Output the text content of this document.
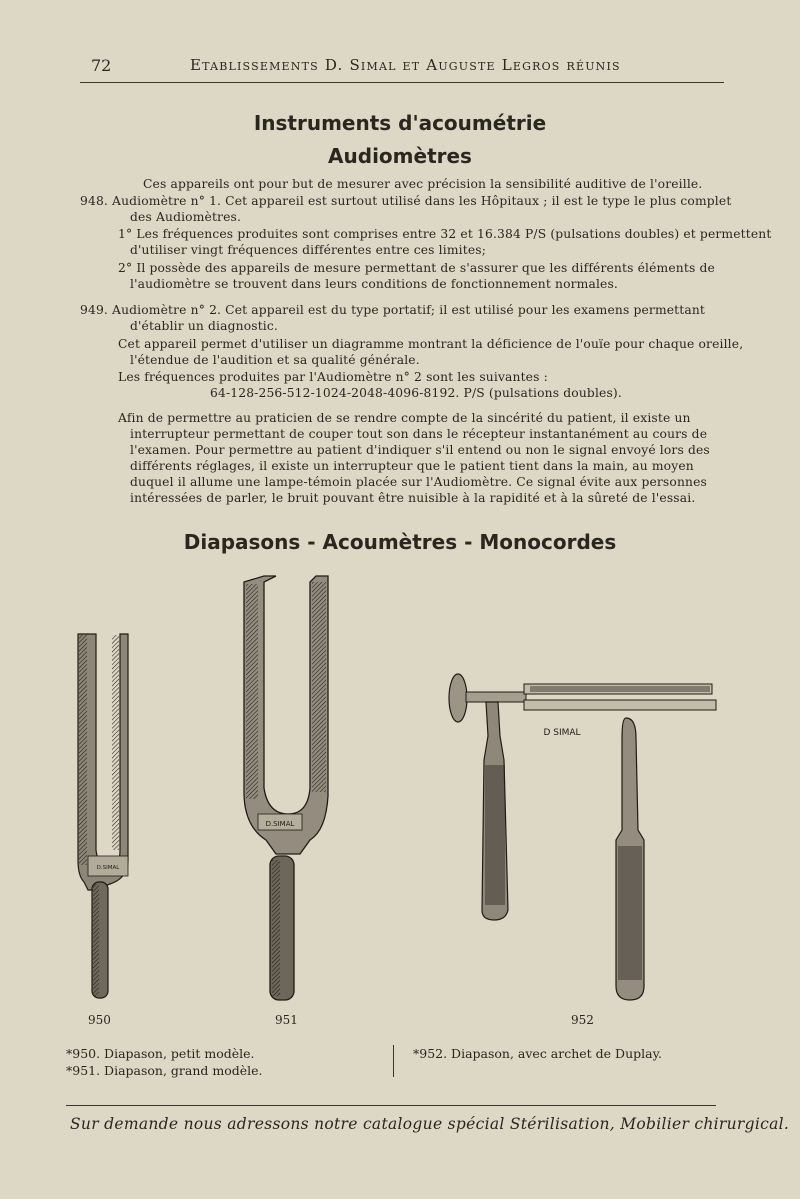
72	Etablissements D. Simal et Auguste Legros réunis
Instruments d'acoumétrie
Audiomètres
Ces appareils ont pour but de mesurer avec précision la sensibilité auditive de l'oreille.
948. Audiomètre n° 1. Cet appareil est surtout utilisé dans les Hôpitaux ; il est le type le plus complet
des Audiomètres.
1° Les fréquences produites sont comprises entre 32 et 16.384 P/S (pulsations doubles) et permettent
d'utiliser vingt fréquences différentes entre ces limites;
2° Il possède des appareils de mesure permettant de s'assurer que les différents éléments de
l'audiomètre se trouvent dans leurs conditions de fonctionnement normales.
949. Audiomètre n° 2. Cet appareil est du type portatif; il est utilisé pour les examens permettant
d'établir un diagnostic.
Cet appareil permet d'utiliser un diagramme montrant la déficience de l'ouïe pour chaque oreille,
l'étendue de l'audition et sa qualité générale.
Les fréquences produites par l'Audiomètre n° 2 sont les suivantes :
64-128-256-512-1024-2048-4096-8192. P/S (pulsations doubles).
Afin de permettre au praticien de se rendre compte de la sincérité du patient, il existe un
interrupteur permettant de couper tout son dans le récepteur instantanément au cours de
l'examen. Pour permettre au patient d'indiquer s'il entend ou non le signal envoyé lors des
différents réglages, il existe un interrupteur que le patient tient dans la main, au moyen
duquel il allume une lampe-témoin placée sur l'Audiomètre. Ce signal évite aux personnes
intéressées de parler, le bruit pouvant être nuisible à la rapidité et à la sûreté de l'essai.
Diapasons - Acoumètres - Monocordes
D.SIMAL
D.SIMAL
D SIMAL
950	951	952
*950. Diapason, petit modèle.
*951. Diapason, grand modèle.
*952. Diapason, avec archet de Duplay.
Sur demande nous adressons notre catalogue spécial Stérilisation, Mobilier chirurgical.
